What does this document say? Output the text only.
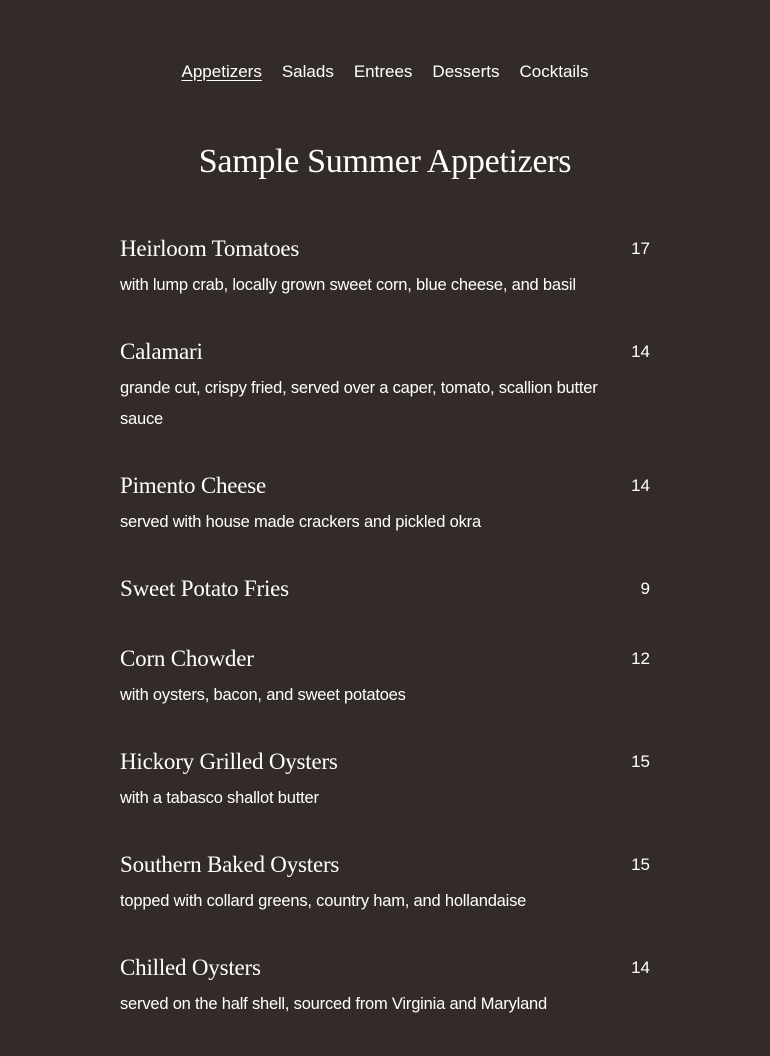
Appetizers Salads Entrees Desserts Cocktails
Sample Summer Appetizers
Heirloom Tomatoes	17
with lump crab, locally grown sweet corn, blue cheese, and basil
Calamari	14
grande cut, crispy fried, served over a caper, tomato, scallion butter sauce
Pimento Cheese	14
served with house made crackers and pickled okra
Sweet Potato Fries	9
Corn Chowder	12
with oysters, bacon, and sweet potatoes
Hickory Grilled Oysters	15
with a tabasco shallot butter
Southern Baked Oysters	15
topped with collard greens, country ham, and hollandaise
Chilled Oysters	14
served on the half shell, sourced from Virginia and Maryland
